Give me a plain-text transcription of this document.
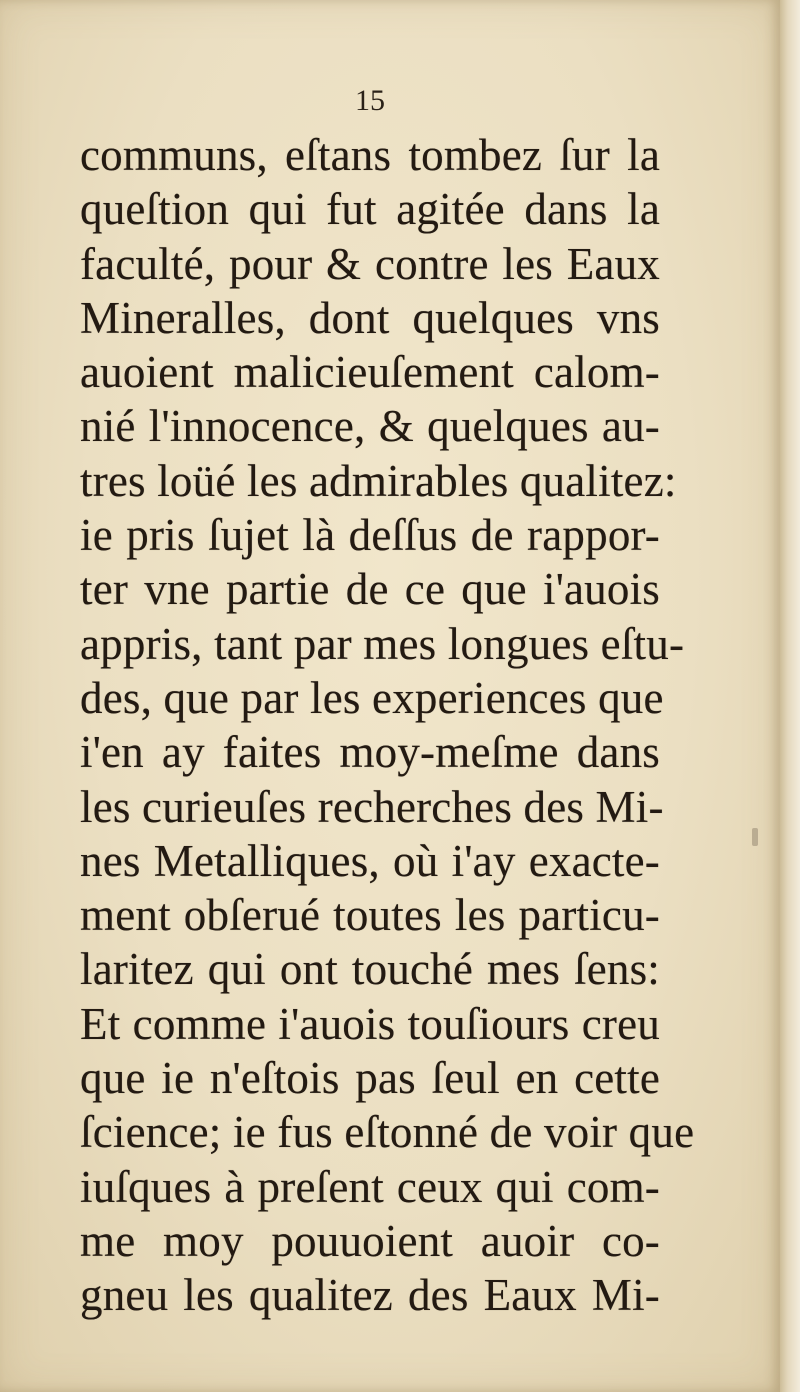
15
communs, eſtans tombez ſur la
queſtion qui fut agitée dans la
faculté, pour & contre les Eaux
Mineralles, dont quelques vns
auoient malicieuſement calom-
nié l'innocence, & quelques au-
tres loüé les admirables qualitez:
ie pris ſujet là deſſus de rappor-
ter vne partie de ce que i'auois
appris, tant par mes longues eſtu-
des, que par les experiences que
i'en ay faites moy-meſme dans
les curieuſes recherches des Mi-
nes Metalliques, où i'ay exacte-
ment obſerué toutes les particu-
laritez qui ont touché mes ſens:
Et comme i'auois touſiours creu
que ie n'eſtois pas ſeul en cette
ſcience; ie fus eſtonné de voir que
iuſques à preſent ceux qui com-
me moy pouuoient auoir co-
gneu les qualitez des Eaux Mi-
